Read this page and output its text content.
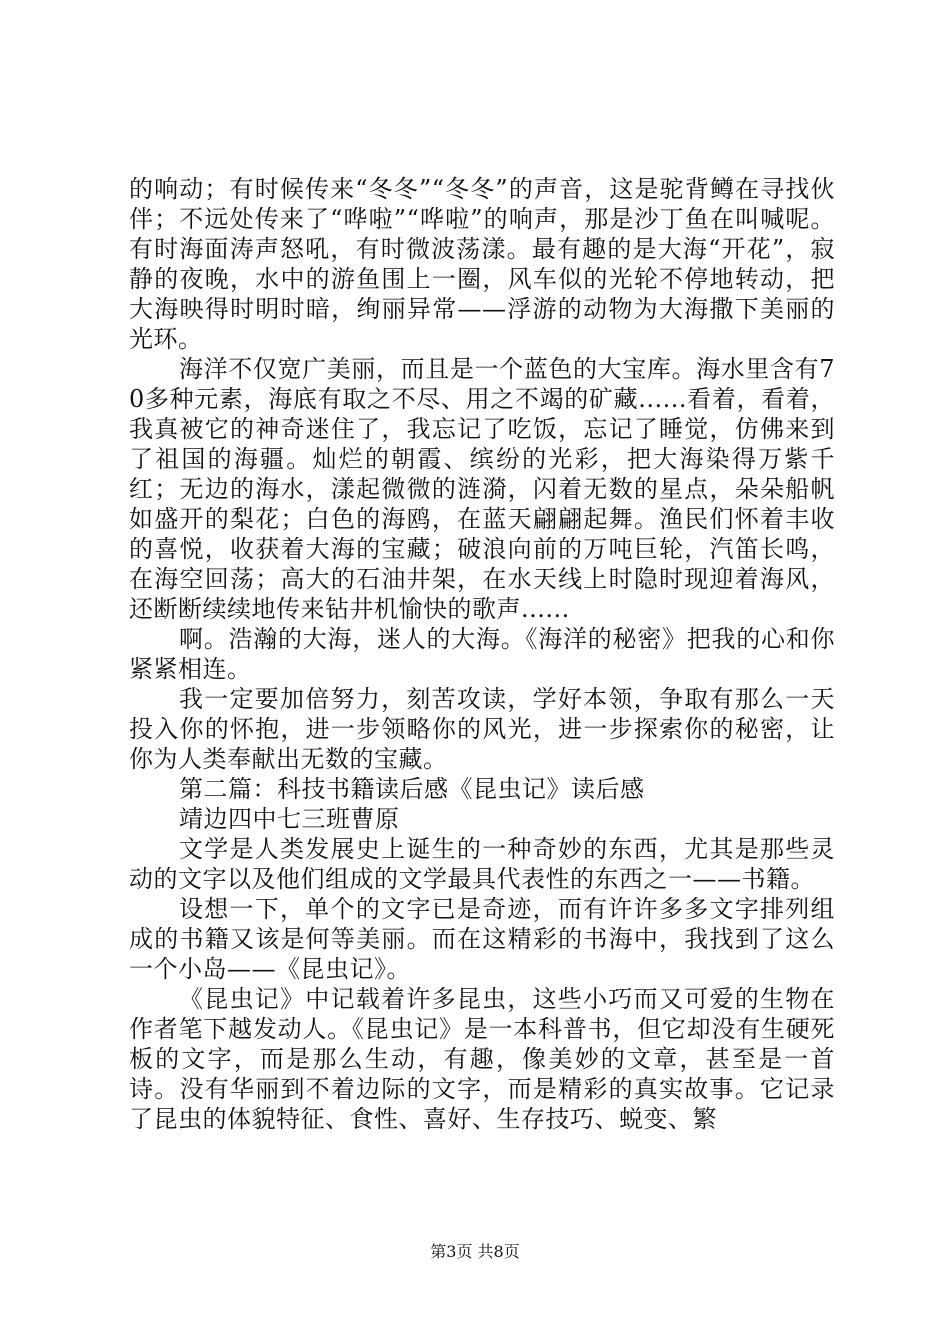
的响动；有时候传来“冬冬”“冬冬”的声音，这是驼背鳟在寻找伙伴；不远处传来了“哗啦”“哗啦”的响声，那是沙丁鱼在叫喊呢。有时海面涛声怒吼，有时微波荡漾。最有趣的是大海“开花”，寂静的夜晚，水中的游鱼围上一圈，风车似的光轮不停地转动，把大海映得时明时暗，绚丽异常——浮游的动物为大海撒下美丽的光环。

海洋不仅宽广美丽，而且是一个蓝色的大宝库。海水里含有70多种元素，海底有取之不尽、用之不竭的矿藏......看着，看着，我真被它的神奇迷住了，我忘记了吃饭，忘记了睡觉，仿佛来到了祖国的海疆。灿烂的朝霞、缤纷的光彩，把大海染得万紫千红；无边的海水，漾起微微的涟漪，闪着无数的星点，朵朵船帆如盛开的梨花；白色的海鸥，在蓝天翩翩起舞。渔民们怀着丰收的喜悦，收获着大海的宝藏；破浪向前的万吨巨轮，汽笛长鸣，在海空回荡；高大的石油井架，在水天线上时隐时现迎着海风，还断断续续地传来钻井机愉快的歌声......

啊。浩瀚的大海，迷人的大海。《海洋的秘密》把我的心和你紧紧相连。

我一定要加倍努力，刻苦攻读，学好本领，争取有那么一天投入你的怀抱，进一步领略你的风光，进一步探索你的秘密，让你为人类奉献出无数的宝藏。

第二篇：科技书籍读后感《昆虫记》读后感

靖边四中七三班曹原

文学是人类发展史上诞生的一种奇妙的东西，尤其是那些灵动的文字以及他们组成的文学最具代表性的东西之一——书籍。

设想一下，单个的文字已是奇迹，而有许许多多文字排列组成的书籍又该是何等美丽。而在这精彩的书海中，我找到了这么一个小岛——《昆虫记》。

《昆虫记》中记载着许多昆虫，这些小巧而又可爱的生物在作者笔下越发动人。《昆虫记》是一本科普书，但它却没有生硬死板的文字，而是那么生动，有趣，像美妙的文章，甚至是一首诗。没有华丽到不着边际的文字，而是精彩的真实故事。它记录了昆虫的体貌特征、食性、喜好、生存技巧、蜕变、繁

第3页 共8页
